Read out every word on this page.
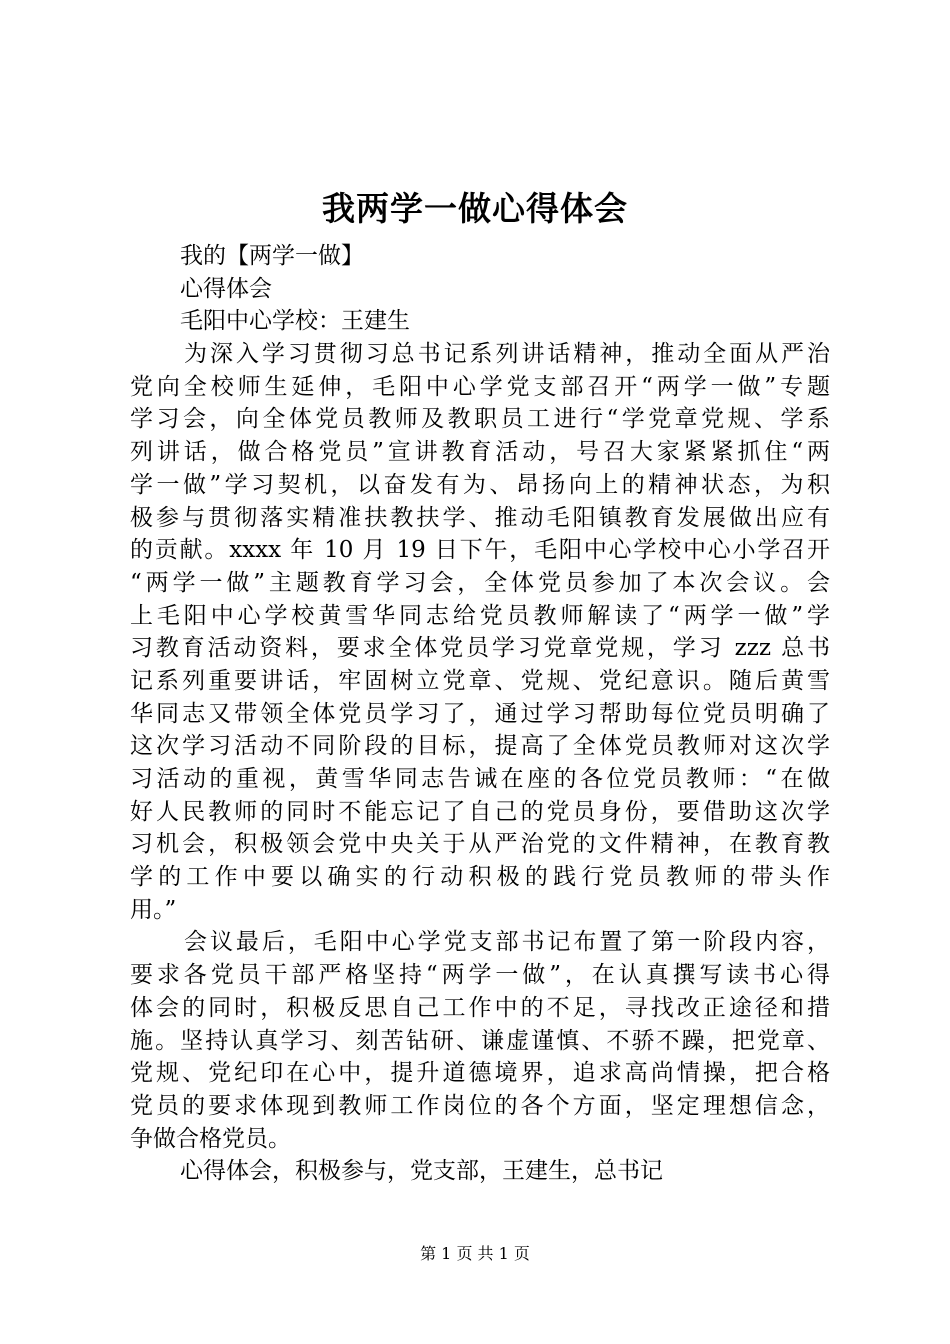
我两学一做心得体会
我的【两学一做】
心得体会
毛阳中心学校：王建生
为深入学习贯彻习总书记系列讲话精神，推动全面从严治
党向全校师生延伸，毛阳中心学党支部召开“两学一做”专题
学习会，向全体党员教师及教职员工进行“学党章党规、学系
列讲话，做合格党员”宣讲教育活动，号召大家紧紧抓住“两
学一做”学习契机，以奋发有为、昂扬向上的精神状态，为积
极参与贯彻落实精准扶教扶学、推动毛阳镇教育发展做出应有
的贡献。xxxx 年 10 月 19 日下午，毛阳中心学校中心小学召开
“两学一做”主题教育学习会，全体党员参加了本次会议。会
上毛阳中心学校黄雪华同志给党员教师解读了“两学一做”学
习教育活动资料，要求全体党员学习党章党规，学习 zzz 总书
记系列重要讲话，牢固树立党章、党规、党纪意识。随后黄雪
华同志又带领全体党员学习了，通过学习帮助每位党员明确了
这次学习活动不同阶段的目标，提高了全体党员教师对这次学
习活动的重视，黄雪华同志告诫在座的各位党员教师：“在做
好人民教师的同时不能忘记了自己的党员身份，要借助这次学
习机会，积极领会党中央关于从严治党的文件精神，在教育教
学的工作中要以确实的行动积极的践行党员教师的带头作
用。”
会议最后，毛阳中心学党支部书记布置了第一阶段内容，
要求各党员干部严格坚持“两学一做”，在认真撰写读书心得
体会的同时，积极反思自己工作中的不足，寻找改正途径和措
施。坚持认真学习、刻苦钻研、谦虚谨慎、不骄不躁，把党章、
党规、党纪印在心中，提升道德境界，追求高尚情操，把合格
党员的要求体现到教师工作岗位的各个方面，坚定理想信念，
争做合格党员。
心得体会，积极参与，党支部，王建生，总书记
第 1 页 共 1 页
